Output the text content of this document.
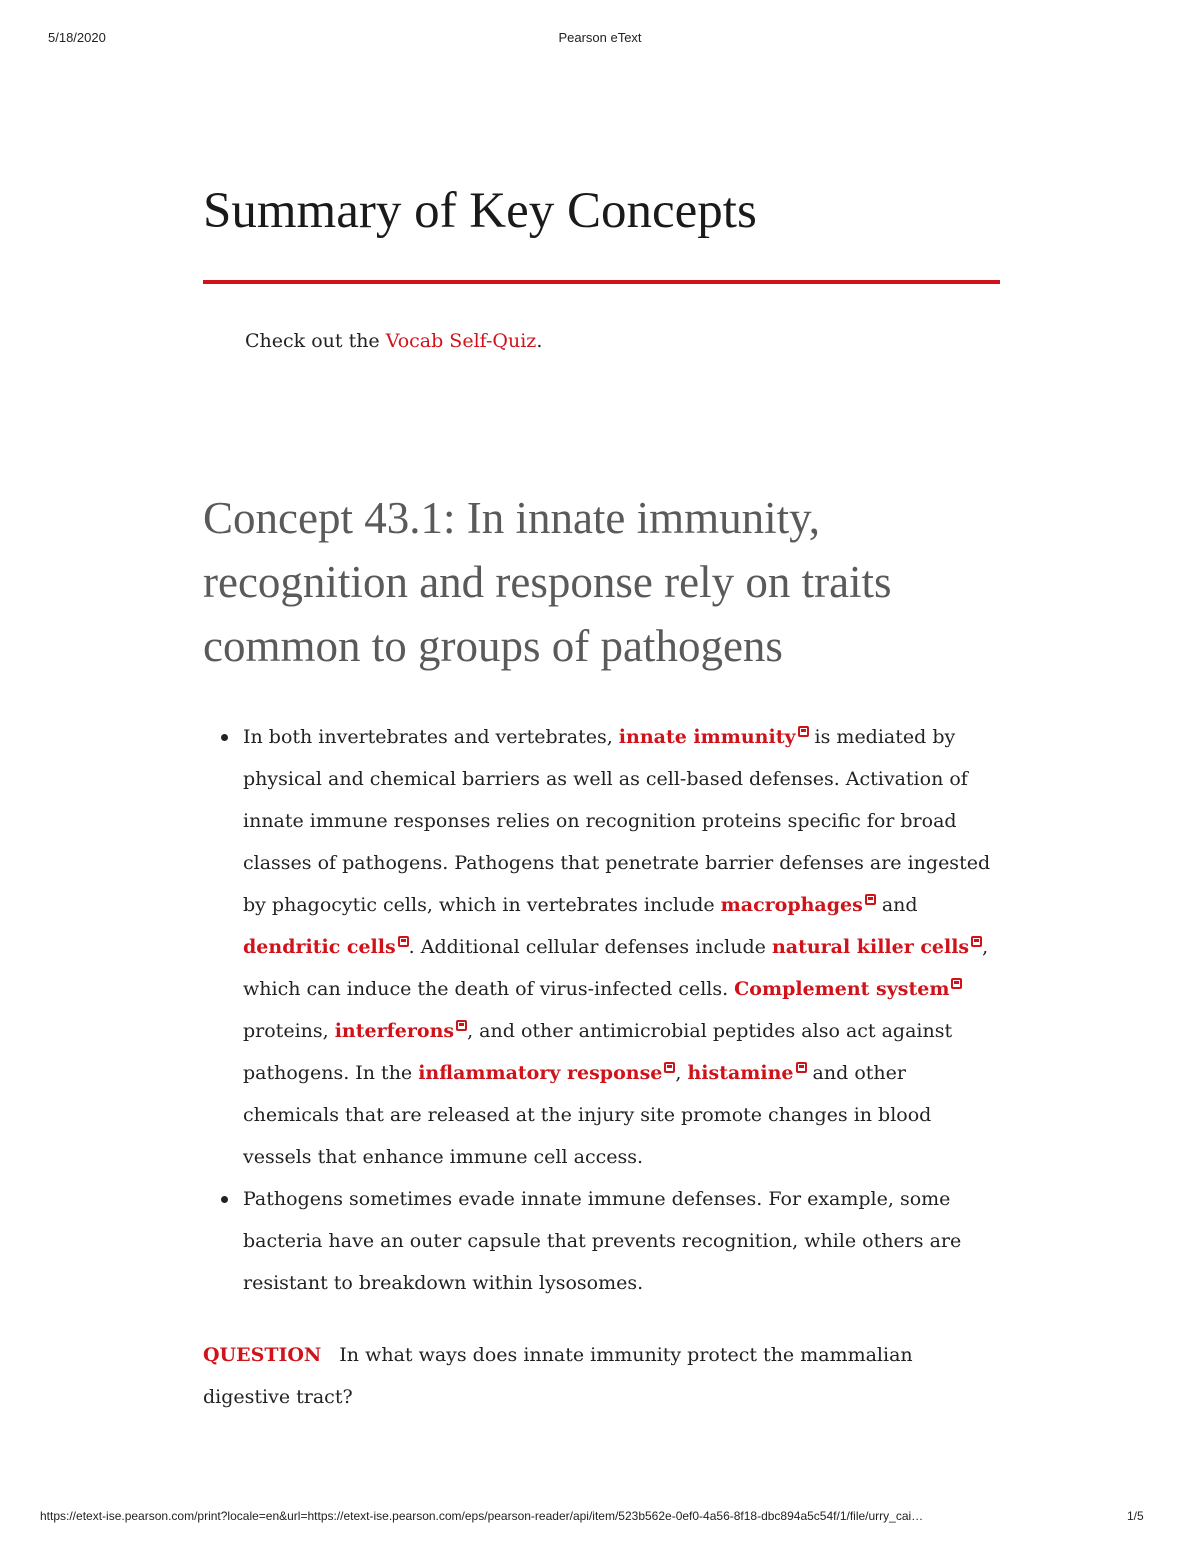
5/18/2020	Pearson eText
Summary of Key Concepts

Check out the Vocab Self-Quiz.

Concept 43.1: In innate immunity, recognition and response rely on traits common to groups of pathogens
In both invertebrates and vertebrates, innate immunity is mediated by physical and chemical barriers as well as cell-based defenses. Activation of innate immune responses relies on recognition proteins specific for broad classes of pathogens. Pathogens that penetrate barrier defenses are ingested by phagocytic cells, which in vertebrates include macrophages and dendritic cells . Additional cellular defenses include natural killer cells , which can induce the death of virus-infected cells. Complement system proteins, interferons , and other antimicrobial peptides also act against pathogens. In the inflammatory response , histamine and other chemicals that are released at the injury site promote changes in blood vessels that enhance immune cell access.
Pathogens sometimes evade innate immune defenses. For example, some bacteria have an outer capsule that prevents recognition, while others are resistant to breakdown within lysosomes.

QUESTION In what ways does innate immunity protect the mammalian digestive tract?

https://etext-ise.pearson.com/print?locale=en&url=https://etext-ise.pearson.com/eps/pearson-reader/api/item/523b562e-0ef0-4a56-8f18-dbc894a5c54f/1/file/urry_cai…	1/5
